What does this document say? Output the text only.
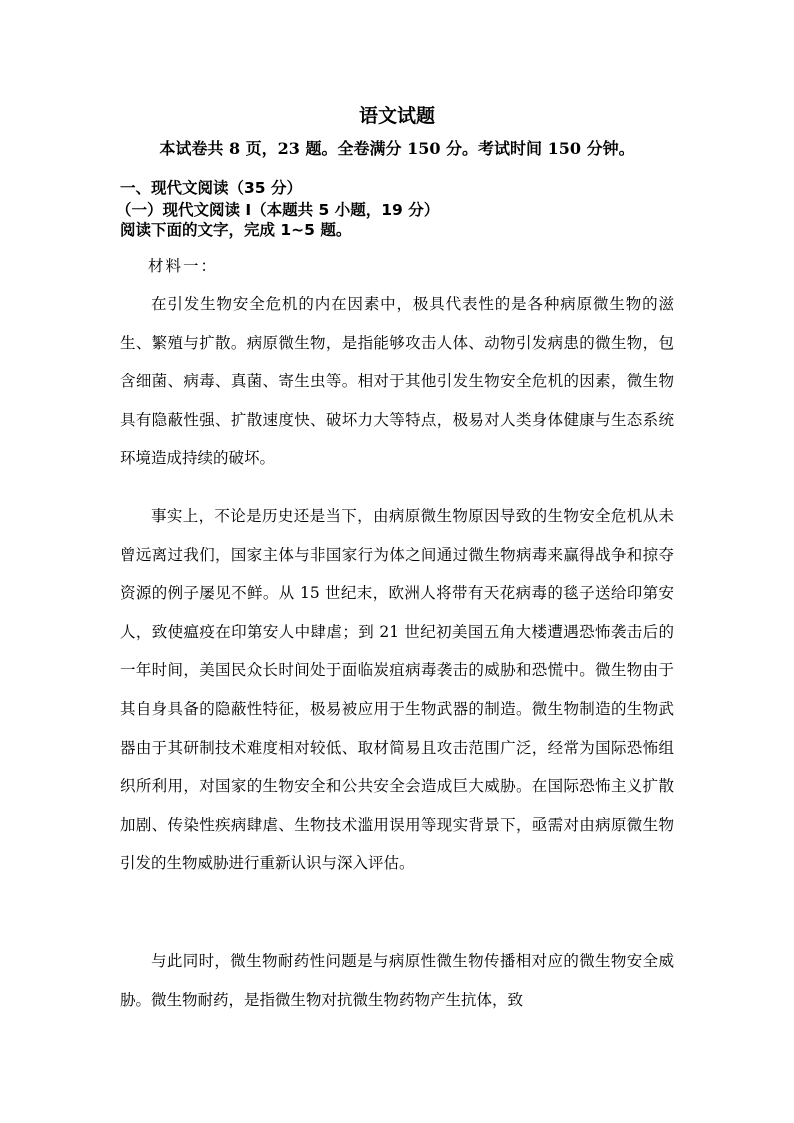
语文试题
本试卷共 8 页，23 题。全卷满分 150 分。考试时间 150 分钟。
一、现代文阅读（35 分）
（一）现代文阅读 I（本题共 5 小题，19 分）
阅读下面的文字，完成 1~5 题。
材料一：

在引发生物安全危机的内在因素中，极具代表性的是各种病原微生物的滋生、繁殖与扩散。病原微生物，是指能够攻击人体、动物引发病患的微生物，包含细菌、病毒、真菌、寄生虫等。相对于其他引发生物安全危机的因素，微生物具有隐蔽性强、扩散速度快、破坏力大等特点，极易对人类身体健康与生态系统环境造成持续的破坏。

事实上，不论是历史还是当下，由病原微生物原因导致的生物安全危机从未曾远离过我们，国家主体与非国家行为体之间通过微生物病毒来赢得战争和掠夺资源的例子屡见不鲜。从 15 世纪末，欧洲人将带有天花病毒的毯子送给印第安人，致使瘟疫在印第安人中肆虐；到 21 世纪初美国五角大楼遭遇恐怖袭击后的一年时间，美国民众长时间处于面临炭疽病毒袭击的威胁和恐慌中。微生物由于其自身具备的隐蔽性特征，极易被应用于生物武器的制造。微生物制造的生物武器由于其研制技术难度相对较低、取材简易且攻击范围广泛，经常为国际恐怖组织所利用，对国家的生物安全和公共安全会造成巨大威胁。在国际恐怖主义扩散加剧、传染性疾病肆虐、生物技术滥用误用等现实背景下，亟需对由病原微生物引发的生物威胁进行重新认识与深入评估。

与此同时，微生物耐药性问题是与病原性微生物传播相对应的微生物安全威胁。微生物耐药，是指微生物对抗微生物药物产生抗体，致
